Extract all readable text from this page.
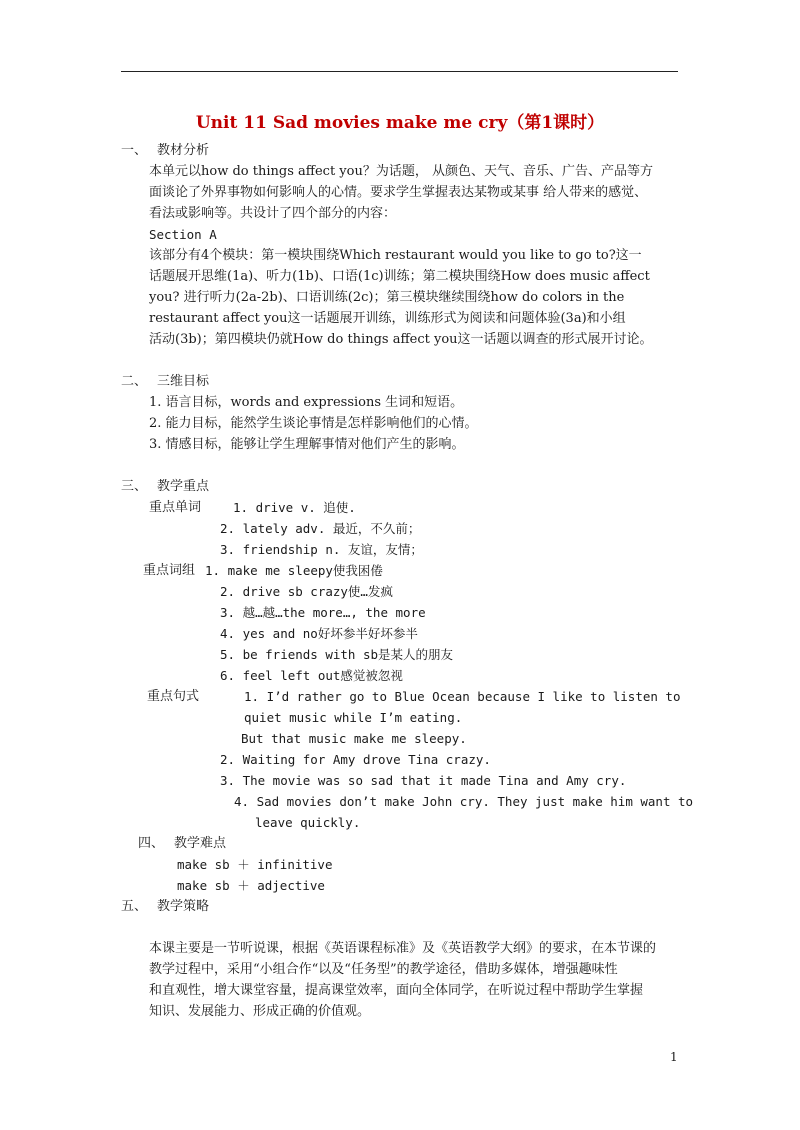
Unit 11 Sad movies make me cry（第1课时）
一、 教材分析
本单元以how do things affect you？为话题， 从颜色、天气、音乐、广告、产品等方
面谈论了外界事物如何影响人的心情。要求学生掌握表达某物或某事 给人带来的感觉、
看法或影响等。共设计了四个部分的内容：
Section A
该部分有4个模块：第一模块围绕Which restaurant would you like to go to?这一
话题展开思维(1a)、听力(1b)、口语(1c)训练；第二模块围绕How does music affect
you? 进行听力(2a-2b)、口语训练(2c)；第三模块继续围绕how do colors in the
restaurant affect you这一话题展开训练，训练形式为阅读和问题体验(3a)和小组
活动(3b)；第四模块仍就How do things affect you这一话题以调查的形式展开讨论。
二、 三维目标
1. 语言目标，words and expressions 生词和短语。
2. 能力目标，能然学生谈论事情是怎样影响他们的心情。
3. 情感目标，能够让学生理解事情对他们产生的影响。
三、 教学重点
重点单词	1. drive v. 追使.
2. lately adv. 最近，不久前；
3. friendship n. 友谊，友情；
重点词组 1. make me sleepy使我困倦
2. drive sb crazy使…发疯
3. 越…越…the more…, the more
4. yes and no好坏参半好坏参半
5. be friends with sb是某人的朋友
6. feel left out感觉被忽视
重点句式	1. I’d rather go to Blue Ocean because I like to listen to
quiet music while I’m eating.
But that music make me sleepy.
2. Waiting for Amy drove Tina crazy.
3. The movie was so sad that it made Tina and Amy cry.
4. Sad movies don’t make John cry. They just make him want to
leave quickly.
四、 教学难点
make sb ＋ infinitive
make sb ＋ adjective
五、 教学策略
本课主要是一节听说课，根据《英语课程标准》及《英语教学大纲》的要求，在本节课的
教学过程中，采用“小组合作“以及“任务型”的教学途径，借助多媒体，增强趣味性
和直观性，增大课堂容量，提高课堂效率，面向全体同学，在听说过程中帮助学生掌握
知识、发展能力、形成正确的价值观。
1
